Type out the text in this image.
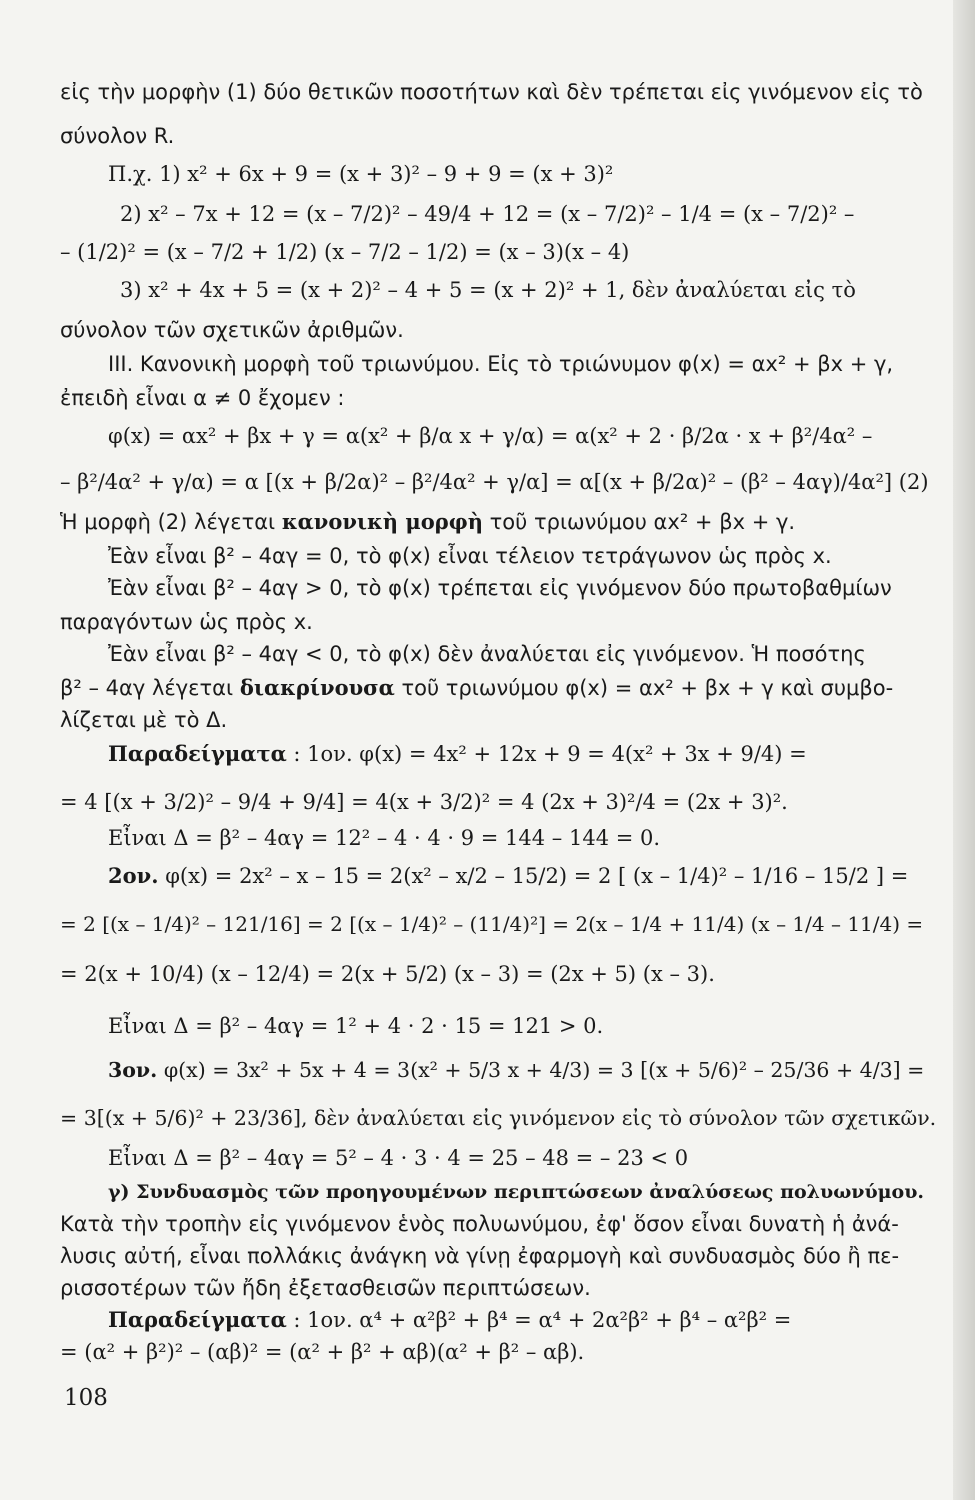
εἰς τὴν μορφὴν (1) δύο θετικῶν ποσοτήτων καὶ δὲν τρέπεται εἰς γινόμενον εἰς τὸ
σύνολον R.
Π.χ. 1) x² + 6x + 9 = (x + 3)² – 9 + 9 = (x + 3)²
2) x² – 7x + 12 = (x – 7/2)² – 49/4 + 12 = (x – 7/2)² – 1/4 = (x – 7/2)² –
– (1/2)² = (x – 7/2 + 1/2) (x – 7/2 – 1/2) = (x – 3)(x – 4)
3) x² + 4x + 5 = (x + 2)² – 4 + 5 = (x + 2)² + 1, δὲν ἀναλύεται εἰς τὸ
σύνολον τῶν σχετικῶν ἀριθμῶν.
III. Κανονικὴ μορφὴ τοῦ τριωνύμου. Εἰς τὸ τριώνυμον φ(x) = αx² + βx + γ,
ἐπειδὴ εἶναι α ≠ 0 ἔχομεν :
φ(x) = αx² + βx + γ = α(x² + β/α x + γ/α) = α(x² + 2 · β/2α · x + β²/4α² –
– β²/4α² + γ/α) = α [(x + β/2α)² – β²/4α² + γ/α] = α[(x + β/2α)² – (β² – 4αγ)/4α²] (2)
Ἡ μορφὴ (2) λέγεται κανονικὴ μορφὴ τοῦ τριωνύμου αx² + βx + γ.
Ἐὰν εἶναι β² – 4αγ = 0, τὸ φ(x) εἶναι τέλειον τετράγωνον ὡς πρὸς x.
Ἐὰν εἶναι β² – 4αγ > 0, τὸ φ(x) τρέπεται εἰς γινόμενον δύο πρωτοβαθμίων
παραγόντων ὡς πρὸς x.
Ἐὰν εἶναι β² – 4αγ < 0, τὸ φ(x) δὲν ἀναλύεται εἰς γινόμενον. Ἡ ποσότης
β² – 4αγ λέγεται διακρίνουσα τοῦ τριωνύμου φ(x) = αx² + βx + γ καὶ συμβο-
λίζεται μὲ τὸ Δ.
Παραδείγματα : 1ον. φ(x) = 4x² + 12x + 9 = 4(x² + 3x + 9/4) =
= 4 [(x + 3/2)² – 9/4 + 9/4] = 4(x + 3/2)² = 4 (2x + 3)²/4 = (2x + 3)².
Εἶναι Δ = β² – 4αγ = 12² – 4 · 4 · 9 = 144 – 144 = 0.
2ον. φ(x) = 2x² – x – 15 = 2(x² – x/2 – 15/2) = 2 [ (x – 1/4)² – 1/16 – 15/2 ] =
= 2 [(x – 1/4)² – 121/16] = 2 [(x – 1/4)² – (11/4)²] = 2(x – 1/4 + 11/4) (x – 1/4 – 11/4) =
= 2(x + 10/4) (x – 12/4) = 2(x + 5/2) (x – 3) = (2x + 5) (x – 3).
Εἶναι Δ = β² – 4αγ = 1² + 4 · 2 · 15 = 121 > 0.
3ον. φ(x) = 3x² + 5x + 4 = 3(x² + 5/3 x + 4/3) = 3 [(x + 5/6)² – 25/36 + 4/3] =
= 3[(x + 5/6)² + 23/36], δὲν ἀναλύεται εἰς γινόμενον εἰς τὸ σύνολον τῶν σχετικῶν.
Εἶναι Δ = β² – 4αγ = 5² – 4 · 3 · 4 = 25 – 48 = – 23 < 0
γ) Συνδυασμὸς τῶν προηγουμένων περιπτώσεων ἀναλύσεως πολυωνύμου.
Κατὰ τὴν τροπὴν εἰς γινόμενον ἑνὸς πολυωνύμου, ἐφ' ὅσον εἶναι δυνατὴ ἡ ἀνά-
λυσις αὐτή, εἶναι πολλάκις ἀνάγκη νὰ γίνῃ ἐφαρμογὴ καὶ συνδυασμὸς δύο ἢ πε-
ρισσοτέρων τῶν ἤδη ἐξετασθεισῶν περιπτώσεων.
Παραδείγματα : 1ον. α⁴ + α²β² + β⁴ = α⁴ + 2α²β² + β⁴ – α²β² =
= (α² + β²)² – (αβ)² = (α² + β² + αβ)(α² + β² – αβ).
108
